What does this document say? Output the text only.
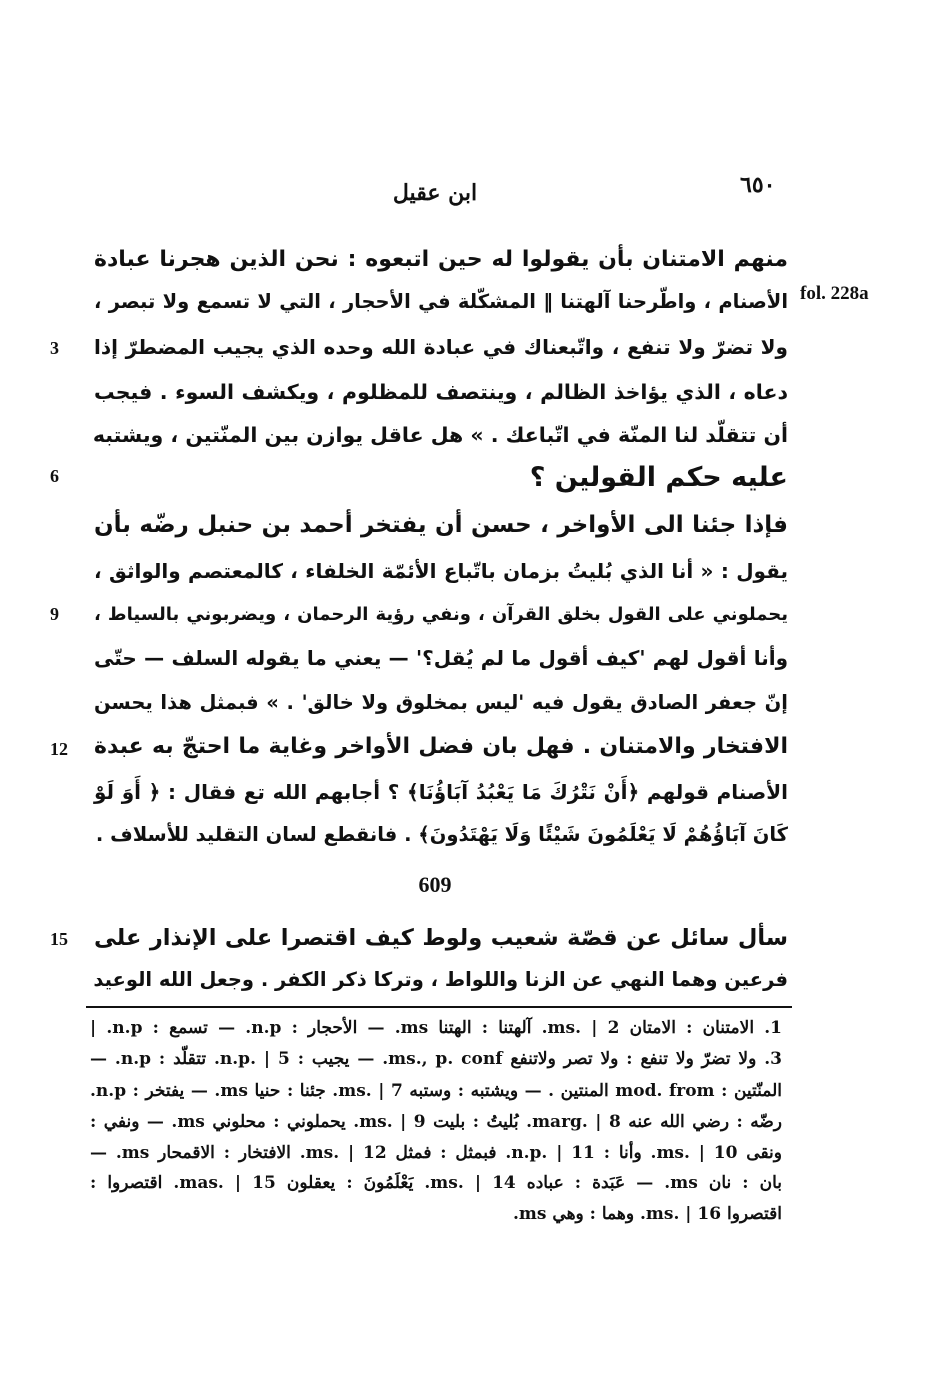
٦٥٠
ابن عقيل
fol. 228a
3
6
9
12
15
منهم الامتنان بأن يقولوا له حين اتبعوه : نحن الذين هجرنا عبادة
الأصنام ، واطّرحنا آلهتنا ‖ المشكّلة في الأحجار ، التي لا تسمع ولا تبصر ،
ولا تضرّ ولا تنفع ، واتّبعناك في عبادة الله وحده الذي يجيب المضطرّ إذا
دعاه ، الذي يؤاخذ الظالم ، وينتصف للمظلوم ، ويكشف السوء . فيجب
أن تتقلّد لنا المنّة في اتّباعك . » هل عاقل يوازن بين المنّتين ، ويشتبه
عليه حكم القولين ؟
فإذا جئنا الى الأواخر ، حسن أن يفتخر أحمد بن حنبل رضّه بأن
يقول : « أنا الذي بُليتُ بزمان باتّباع الأئمّة الخلفاء ، كالمعتصم والواثق ،
يحملوني على القول بخلق القرآن ، ونفي رؤية الرحمان ، ويضربوني بالسياط ،
وأنا أقول لهم 'كيف أقول ما لم يُقل؟' — يعني ما يقوله السلف — حتّى
إنّ جعفر الصادق يقول فيه 'ليس بمخلوق ولا خالق' . » فبمثل هذا يحسن
الافتخار والامتنان . فهل بان فضل الأواخر وغاية ما احتجّ به عبدة
الأصنام قولهم ﴿أَنْ نَتْرُكَ مَا يَعْبُدُ آبَاؤُنَا﴾ ؟ أجابهم الله تع فقال : ﴿ أَوَ لَوْ
كَانَ آبَاؤُهُمْ لَا يَعْلَمُونَ شَيْئًا وَلَا يَهْتَدُونَ﴾ . فانقطع لسان التقليد للأسلاف .
609
سأل سائل عن قصّة شعيب ولوط كيف اقتصرا على الإنذار على
فرعين وهما النهي عن الزنا واللواط ، وتركا ذكر الكفر . وجعل الله الوعيد
1. الامتنان : الامتان ms. | 2. آلهتنا : الهتنا ms. — الأحجار : n.p. — تسمع : n.p. |
3. ولا تضرّ ولا تنفع : ولا تصر ولاتنفع ms., p. conf. — يجيب : n.p. | 5. تتقلّد : n.p. —
المنّتين : mod. from المنتين . — ويشتبه : وستبه ms. | 7. جئنا : حنيا ms. — يفتخر : n.p.
رضّه : رضي الله عنه marg. | 8. بُليتُ : بليت ms. | 9. يحملوني : محلوني ms. — ونفي :
ونقى ms. | 10. وأنا : n.p. | 11. فبمثل : فمثل ms. | 12. الافتخار : الاقمحار ms. —
بان : نان ms. — عَبَدة : عباده ms. | 14. يَعْلَمُونَ : يعقلون mas. | 15. اقتصروا :
اقتصروا ms. | 16. وهما : وهي ms.
